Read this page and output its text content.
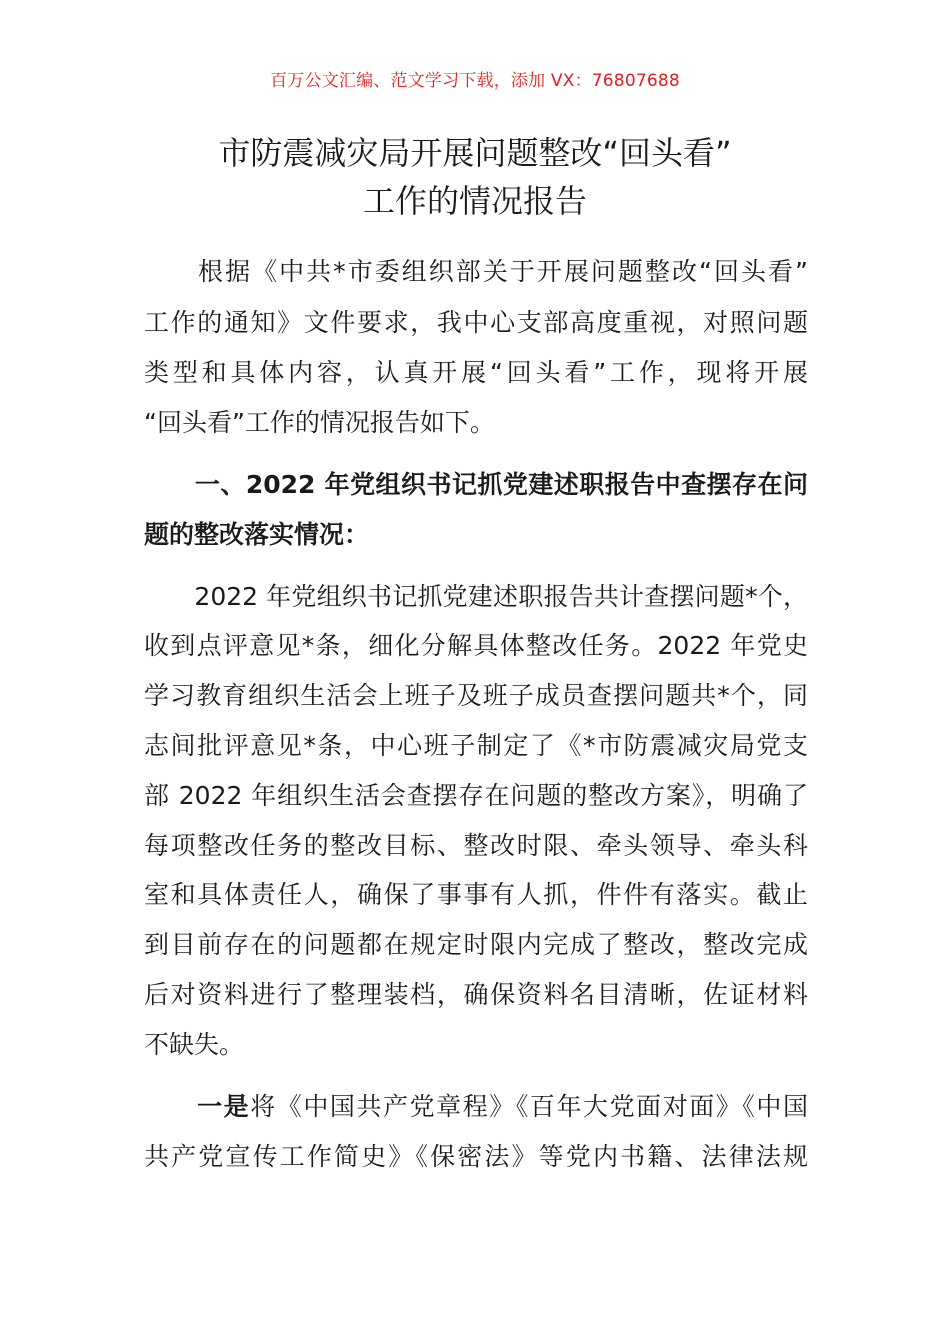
百万公文汇编、范文学习下载，添加 VX：76807688
市防震减灾局开展问题整改“回头看”
工作的情况报告
　　根据《中共*市委组织部关于开展问题整改“回头看”
工作的通知》文件要求，我中心支部高度重视，对照问题
类型和具体内容，认真开展“回头看”工作，现将开展
“回头看”工作的情况报告如下。
　　一、2022 年党组织书记抓党建述职报告中查摆存在问
题的整改落实情况：
　　2022 年党组织书记抓党建述职报告共计查摆问题*个，
收到点评意见*条，细化分解具体整改任务。2022 年党史
学习教育组织生活会上班子及班子成员查摆问题共*个，同
志间批评意见*条，中心班子制定了《*市防震减灾局党支
部 2022 年组织生活会查摆存在问题的整改方案》，明确了
每项整改任务的整改目标、整改时限、牵头领导、牵头科
室和具体责任人，确保了事事有人抓，件件有落实。截止
到目前存在的问题都在规定时限内完成了整改，整改完成
后对资料进行了整理装档，确保资料名目清晰，佐证材料
不缺失。
　　一是将《中国共产党章程》《百年大党面对面》《中国
共产党宣传工作简史》《保密法》等党内书籍、法律法规
